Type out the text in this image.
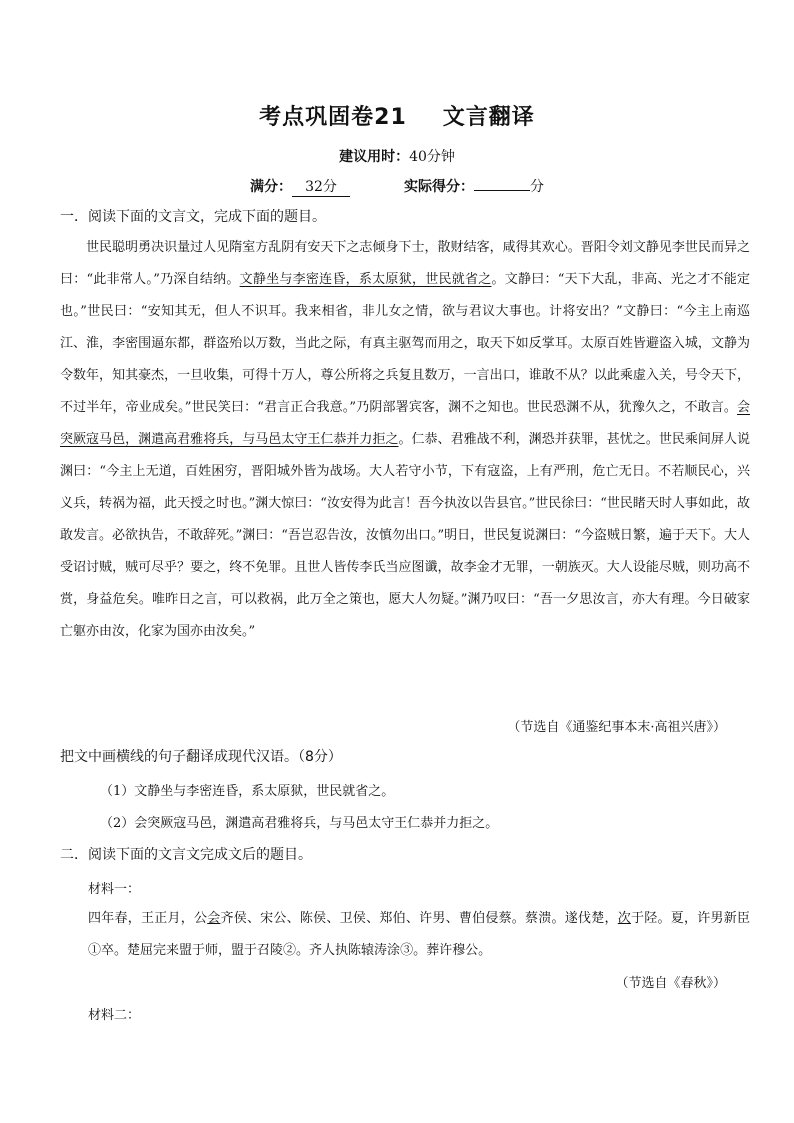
考点巩固卷21 文言翻译
建议用时：40分钟
满分： 32分	实际得分：	分
一．阅读下面的文言文，完成下面的题目。
世民聪明勇决识量过人见隋室方乱阴有安天下之志倾身下士，散财结客，咸得其欢心。晋阳令刘文静见李世民而异之曰：“此非常人。”乃深自结纳。文静坐与李密连昏，系太原狱，世民就省之。文静曰：“天下大乱，非高、光之才不能定也。”世民曰：“安知其无，但人不识耳。我来相省，非儿女之情，欲与君议大事也。计将安出？”文静曰：“今主上南巡江、淮，李密围逼东都，群盗殆以万数，当此之际，有真主驱驾而用之，取天下如反掌耳。太原百姓皆避盗入城，文静为令数年，知其豪杰，一旦收集，可得十万人，尊公所将之兵复且数万，一言出口，谁敢不从？以此乘虚入关，号令天下，不过半年，帝业成矣。”世民笑曰：“君言正合我意。”乃阴部署宾客，渊不之知也。世民恐渊不从，犹豫久之，不敢言。会突厥寇马邑，渊遣高君雅将兵，与马邑太守王仁恭并力拒之。仁恭、君雅战不利，渊恐并获罪，甚忧之。世民乘间屏人说渊曰：“今主上无道，百姓困穷，晋阳城外皆为战场。大人若守小节，下有寇盗，上有严刑，危亡无日。不若顺民心，兴义兵，转祸为福，此天授之时也。”渊大惊曰：“汝安得为此言！吾今执汝以告县官。”世民徐曰：“世民睹天时人事如此，故敢发言。必欲执告，不敢辞死。”渊曰：“吾岂忍告汝，汝慎勿出口。”明日，世民复说渊曰：“今盗贼日繁，遍于天下。大人受诏讨贼，贼可尽乎？要之，终不免罪。且世人皆传李氏当应图谶，故李金才无罪，一朝族灭。大人设能尽贼，则功高不赏，身益危矣。唯昨日之言，可以救祸，此万全之策也，愿大人勿疑。”渊乃叹曰：“吾一夕思汝言，亦大有理。今日破家亡躯亦由汝，化家为国亦由汝矣。”
（节选自《通鉴纪事本末·高祖兴唐》）
把文中画横线的句子翻译成现代汉语。（8分）
（1）文静坐与李密连昏，系太原狱，世民就省之。
（2）会突厥寇马邑，渊遣高君雅将兵，与马邑太守王仁恭并力拒之。
二．阅读下面的文言文完成文后的题目。
材料一：
四年春，王正月，公会齐侯、宋公、陈侯、卫侯、郑伯、许男、曹伯侵蔡。蔡溃。遂伐楚，次于陉。夏，许男新臣①卒。楚屈完来盟于师，盟于召陵②。齐人执陈辕涛涂③。葬许穆公。
（节选自《春秋》）
材料二：
